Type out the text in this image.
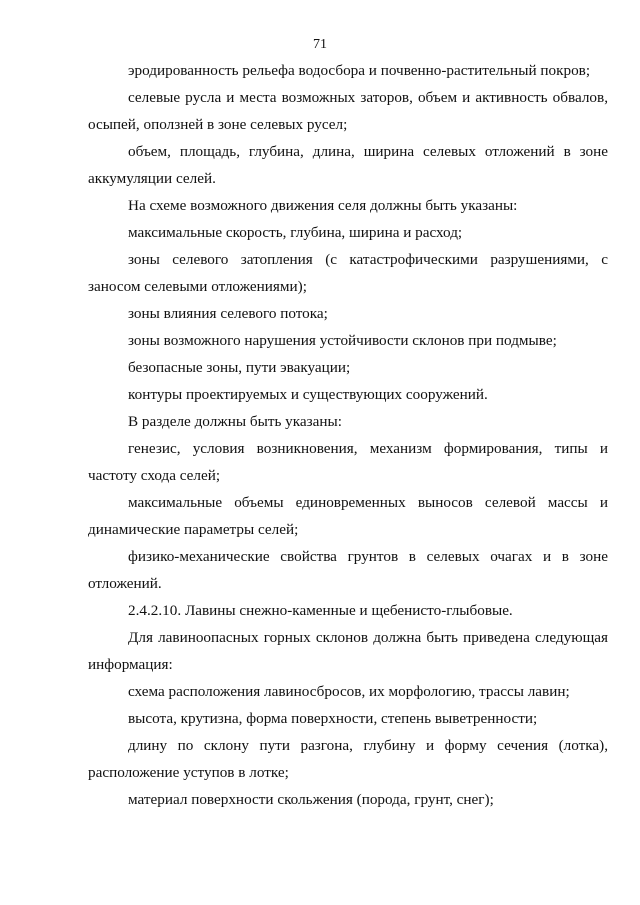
71

эродированность рельефа водосбора и почвенно-растительный покров;

селевые русла и места возможных заторов, объем и активность обвалов, осыпей, оползней в зоне селевых русел;

объем, площадь, глубина, длина, ширина селевых отложений в зоне аккумуляции селей.

На схеме возможного движения селя должны быть указаны:

максимальные скорость, глубина, ширина и расход;

зоны селевого затопления (с катастрофическими разрушениями, с заносом селевыми отложениями);

зоны влияния селевого потока;

зоны возможного нарушения устойчивости склонов при подмыве;

безопасные зоны, пути эвакуации;

контуры проектируемых и существующих сооружений.

В разделе должны быть указаны:

генезис, условия возникновения, механизм формирования, типы и частоту схода селей;

максимальные объемы единовременных выносов селевой массы и динамические параметры селей;

физико-механические свойства грунтов в селевых очагах и в зоне отложений.

2.4.2.10. Лавины снежно-каменные и щебенисто-глыбовые.

Для лавиноопасных горных склонов должна быть приведена следующая информация:

схема расположения лавиносбросов, их морфологию, трассы лавин;

высота, крутизна, форма поверхности, степень выветренности;

длину по склону пути разгона, глубину и форму сечения (лотка), расположение уступов в лотке;

материал поверхности скольжения (порода, грунт, снег);
